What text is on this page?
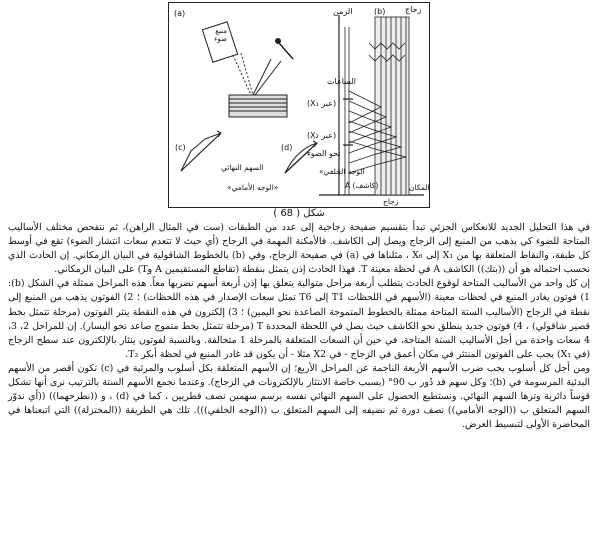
(b)
الزمن	زجاج
منبع ضوء
(a)
الساعات
(عبر X₁)
(عبر X₂)
نحو الضوء
(c)	(d)
السهم النهائي
«الوجه الأمامي»
الوجه الخلفي»
(كاشف) A
زجاج
المكان
شكل ( 68 )

في هذا التحليل الجديد للانعكاس الجزئي تبدأ بتقسيم صفيحة زجاجية إلى عدد من الطبقات (ست في المثال الراهن)، ثم نتفحص مختلف الأساليب المتاحة للضوء كي يذهب من المنبع إلى الزجاج ويصل إلى الكاشف. فالأمكنة المهمة في الزجاج (أي حيث لا تتعدم سعات انتشار الضوء) تقع في أوسط كل طبقة، والنقاط المتعلقة بها من X₁ إلى X₆ ، مثلناها في (a) في صفيحة الزجاج، وفي (b) بالخطوط الشاقولية في البيان الزمكاني. إن الحادث الذي نحسب احتماله هو أن ((بتك)) الكاشف A في لحظة معينة T. فهذا الحادث إذن يتمثل بنقطة (تقاطع المستقيمين A وT) على البيان الزمكاني.

إن كل واحد من الأساليب المتاحة لوقوع الحادث يتطلب أربعة مراحل متوالية يتعلق بها إذن أربعة أسهم نضربها معاً. هذه المراحل ممثلة في الشكل (b): 1) فوتون يغادر المنبع في لحظات معينة (الأسهم في اللحظات T1 إلى T6 تمثل سعات الإصدار في هذه اللحظات) ؛ 2) الفوتون يذهب من المنبع إلى نقطة في الزجاج (الأساليب الستة المتاحة ممثلة بالخطوط المتموجة الصاعدة نحو اليمين) ؛ 3) إلكترون في هذه النقطة ينثر الفوتون (مرحلة تتمثل بخط قصير شاقولي) ، 4) فوتون جديد ينطلق نحو الكاشف حيث يصل في اللحظة المحددة T (مرحلة تتمثل بخط متموج صاعد نحو اليسار). إن للمراحل 2، 3، 4 سعات واحدة من أجل الأساليب الستة المتاحة، في حين أن السعات المتعلقة بالمرحلة 1 متخالفة. وبالنسبة لفوتون ينثار بالإلكترون عند سطح الزجاج (في X₁) يجب على الفوتون المنتثر في مكان أعمق في الزجاج - في X2 مثلا - أن يكون قد غادر المنبع في لحظة أبكر T₂.

ومن أجل كل أسلوب يجب ضرب الأسهم الأربعة الناجمة عن المراحل الأربع؛ إن الأسهم المتعلقة بكل أسلوب والمرئية في (c) تكون أقصر من الأسهم البدئية المرسومة في (b)؛ وكل سهم قد دُور ب 90° (بسبب خاصة الانتثار بالإلكترونات في الزجاج). وعندما نجمع الأسهم الستة بالترتيب نرى أنها تشكل قوساً دائرية وترها السهم النهائي. ونستطيع الحصول على السهم النهائي نفسه برسم سهمين نصف قطريين ، كما في (d) ، و ((نطرحهما)) ((أي ندوّر السهم المتعلق ب ((الوجه الأمامي)) نصف دورة ثم نضيفه إلى السهم المتعلق ب ((الوجه الخلفي))). تلك هي الطريقة ((المختزلة)) التي اتبعناها في المحاضرة الأولى لتبسيط العرض.
